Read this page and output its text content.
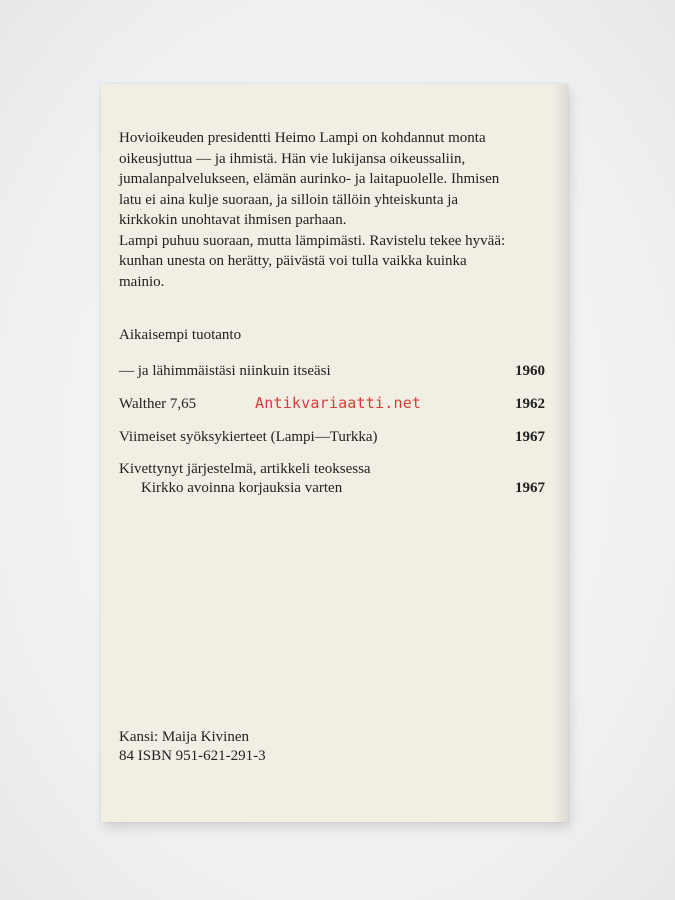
Hovioikeuden presidentti Heimo Lampi on kohdannut monta
oikeusjuttua — ja ihmistä. Hän vie lukijansa oikeussaliin,
jumalanpalvelukseen, elämän aurinko- ja laitapuolelle. Ihmisen
latu ei aina kulje suoraan, ja silloin tällöin yhteiskunta ja
kirkkokin unohtavat ihmisen parhaan.
Lampi puhuu suoraan, mutta lämpimästi. Ravistelu tekee hyvää:
kunhan unesta on herätty, päivästä voi tulla vaikka kuinka
mainio.
Aikaisempi tuotanto
— ja lähimmäistäsi niinkuin itseäsi	1960
Walther 7,65	1962
Viimeiset syöksykierteet (Lampi—Turkka)	1967
Kivettynyt järjestelmä, artikkeli teoksessa
Kirkko avoinna korjauksia varten	1967
Kansi: Maija Kivinen
84 ISBN 951-621-291-3
Antikvariaatti.net
